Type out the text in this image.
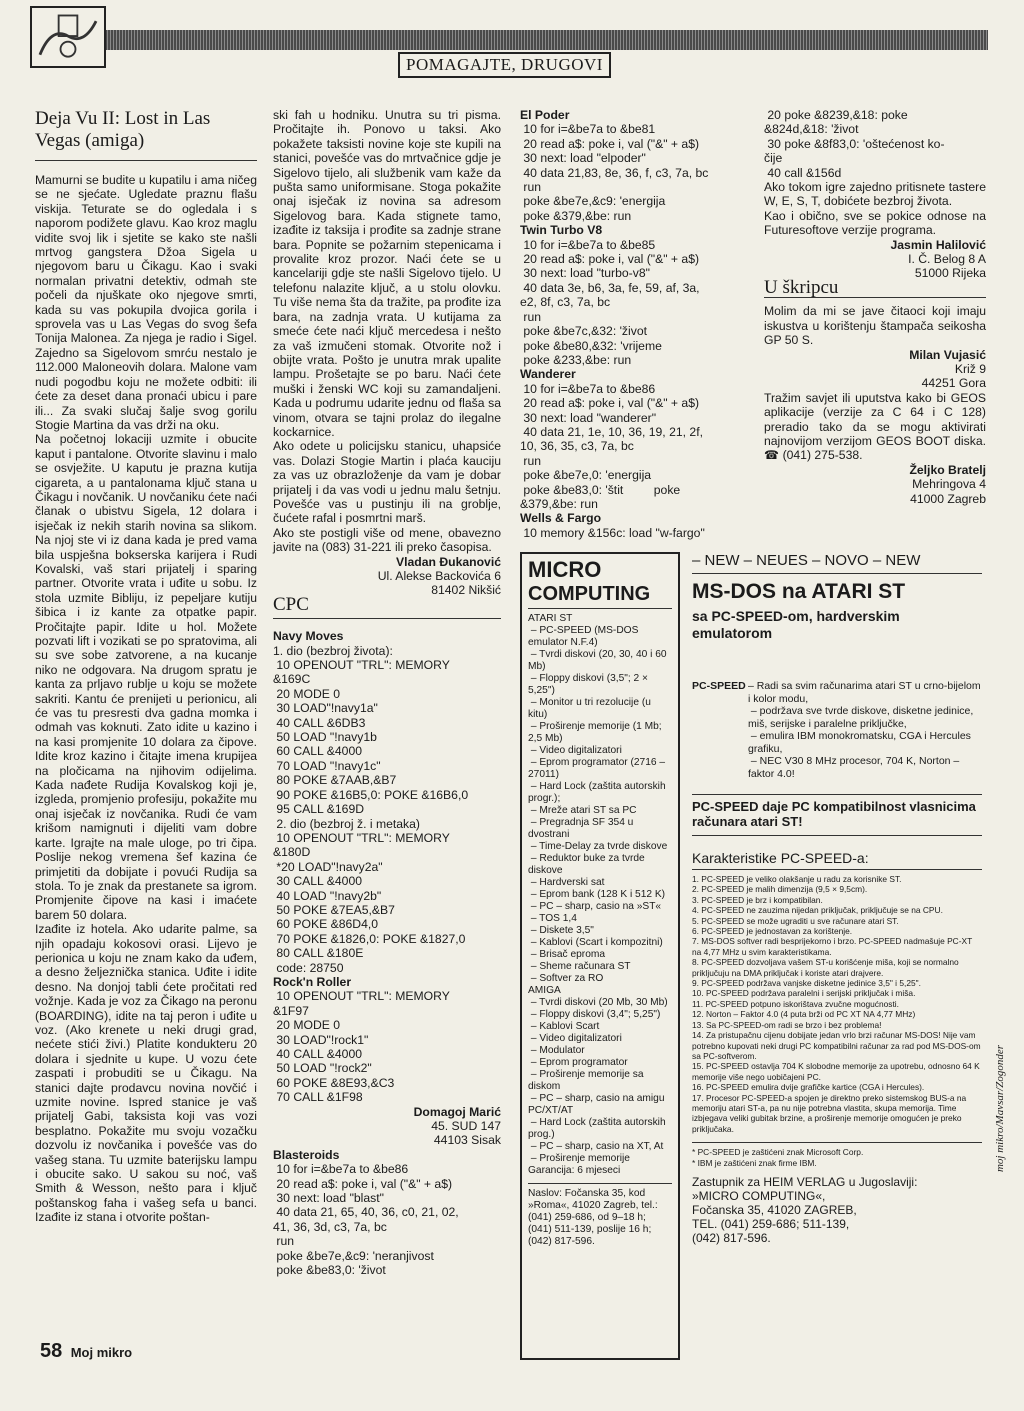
POMAGAJTE, DRUGOVI
Deja Vu II: Lost in Las Vegas (amiga)

Mamurni se budite u kupatilu i ama ničeg se ne sjećate. Ugledate praznu flašu viskija. Teturate se do ogledala i s naporom podižete glavu. Kao kroz maglu vidite svoj lik i sjetite se kako ste našli mrtvog gangstera Džoa Sigela u njegovom baru u Čikagu. Kao i svaki normalan privatni detektiv, odmah ste počeli da njuškate oko njegove smrti, kada su vas pokupila dvojica gorila i sprovela vas u Las Vegas do svog šefa Tonija Malonea. Za njega je radio i Sigel. Zajedno sa Sigelovom smrću nestalo je 112.000 Maloneovih dolara. Malone vam nudi pogodbu koju ne možete odbiti: ili ćete za deset dana pronaći ubicu i pare ili... Za svaki slučaj šalje svog gorilu Stogie Martina da vas drži na oku.
Na početnoj lokaciji uzmite i obucite kaput i pantalone. Otvorite slavinu i malo se osvježite. U kaputu je prazna kutija cigareta, a u pantalonama ključ stana u Čikagu i novčanik. U novčaniku ćete naći članak o ubistvu Sigela, 12 dolara i isječak iz nekih starih novina sa slikom. Na njoj ste vi iz dana kada je pred vama bila uspješna bokserska karijera i Rudi Kovalski, vaš stari prijatelj i sparing partner. Otvorite vrata i uđite u sobu. Iz stola uzmite Bibliju, iz pepeljare kutiju šibica i iz kante za otpatke papir. Pročitajte papir. Idite u hol. Možete pozvati lift i vozikati se po spratovima, ali su sve sobe zatvorene, a na kucanje niko ne odgovara. Na drugom spratu je kanta za prljavo rublje u koju se možete sakriti. Kantu će prenijeti u perionicu, ali će vas tu presresti dva gadna momka i odmah vas koknuti. Zato idite u kazino i na kasi promjenite 10 dolara za čipove. Idite kroz kazino i čitajte imena krupijea na pločicama na njihovim odijelima. Kada nađete Rudija Kovalskog koji je, izgleda, promjenio profesiju, pokažite mu onaj isječak iz novčanika. Rudi će vam krišom namignuti i dijeliti vam dobre karte. Igrajte na male uloge, po tri čipa. Poslije nekog vremena šef kazina će primjetiti da dobijate i povući Rudija sa stola. To je znak da prestanete sa igrom. Promjenite čipove na kasi i imaćete barem 50 dolara.
Izađite iz hotela. Ako udarite palme, sa njih opadaju kokosovi orasi. Lijevo je perionica u koju ne znam kako da uđem, a desno željeznička stanica. Uđite i idite desno. Na donjoj tabli ćete pročitati red vožnje. Kada je voz za Čikago na peronu (BOARDING), idite na taj peron i uđite u voz. (Ako krenete u neki drugi grad, nećete stići živi.) Platite kondukteru 20 dolara i sjednite u kupe. U vozu ćete zaspati i probuditi se u Čikagu. Na stanici dajte prodavcu novina novčić i uzmite novine. Ispred stanice je vaš prijatelj Gabi, taksista koji vas vozi besplatno. Pokažite mu svoju vozačku dozvolu iz novčanika i povešće vas do vašeg stana. Tu uzmite baterijsku lampu i obucite sako. U sakou su noć, vaš Smith & Wesson, nešto para i ključ poštanskog faha i vašeg sefa u banci. Izađite iz stana i otvorite poštan-

ski fah u hodniku. Unutra su tri pisma. Pročitajte ih. Ponovo u taksi. Ako pokažete taksisti novine koje ste kupili na stanici, povešće vas do mrtvačnice gdje je Sigelovo tijelo, ali službenik vam kaže da pušta samo uniformisane. Stoga pokažite onaj isječak iz novina sa adresom Sigelovog bara. Kada stignete tamo, izađite iz taksija i prođite sa zadnje strane bara. Popnite se požarnim stepenicama i provalite kroz prozor. Naći ćete se u kancelariji gdje ste našli Sigelovo tijelo. U telefonu nalazite ključ, a u stolu olovku. Tu više nema šta da tražite, pa prođite iza bara, na zadnja vrata. U kutijama za smeće ćete naći ključ mercedesa i nešto za vaš izmučeni stomak. Otvorite nož i obijte vrata. Pošto je unutra mrak upalite lampu. Prošetajte se po baru. Naći ćete muški i ženski WC koji su zamandaljeni. Kada u podrumu udarite jednu od flaša sa vinom, otvara se tajni prolaz do ilegalne kockarnice.
Ako odete u policijsku stanicu, uhapsiće vas. Dolazi Stogie Martin i plaća kauciju za vas uz obrazloženje da vam je dobar prijatelj i da vas vodi u jednu malu šetnju. Povešće vas u pustinju ili na groblje, čućete rafal i posmrtni marš.
Ako ste postigli više od mene, obavezno javite na (083) 31-221 ili preko časopisa.

Vladan Đukanović

Ul. Alekse Backovića 6

81402 Nikšić

CPC

Navy Moves

1. dio (bezbroj života):
10 OPENOUT "TRL": MEMORY
&169C
20 MODE 0
30 LOAD"!navy1a"
40 CALL &6DB3
50 LOAD "!navy1b
60 CALL &4000
70 LOAD "!navy1c"
80 POKE &7AAB,&B7
90 POKE &16B5,0: POKE &16B6,0
95 CALL &169D
2. dio (bezbroj ž. i metaka)
10 OPENOUT "TRL": MEMORY
&180D
*20 LOAD"!navy2a"
30 CALL &4000
40 LOAD "!navy2b"
50 POKE &7EA5,&B7
60 POKE &86D4,0
70 POKE &1826,0: POKE &1827,0
80 CALL &180E
code: 28750

Rock'n Roller

10 OPENOUT "TRL": MEMORY
&1F97
20 MODE 0
30 LOAD"!rock1"
40 CALL &4000
50 LOAD "!rock2"
60 POKE &8E93,&C3
70 CALL &1F98

Domagoj Marić

45. SUD 147

44103 Sisak

Blasteroids

10 for i=&be7a to &be86
20 read a$: poke i, val ("&" + a$)
30 next: load "blast"
40 data 21, 65, 40, 36, c0, 21, 02,
41, 36, 3d, c3, 7a, bc
run
poke &be7e,&c9: 'neranjivost
poke &be83,0: 'život

El Poder

10 for i=&be7a to &be81
20 read a$: poke i, val ("&" + a$)
30 next: load "elpoder"
40 data 21,83, 8e, 36, f, c3, 7a, bc
run
poke &be7e,&c9: 'energija
poke &379,&be: run

Twin Turbo V8

10 for i=&be7a to &be85
20 read a$: poke i, val ("&" + a$)
30 next: load "turbo-v8"
40 data 3e, b6, 3a, fe, 59, af, 3a,
e2, 8f, c3, 7a, bc
run
poke &be7c,&32: 'život
poke &be80,&32: 'vrijeme
poke &233,&be: run

Wanderer

10 for i=&be7a to &be86
20 read a$: poke i, val ("&" + a$)
30 next: load "wanderer"
40 data 21, 1e, 10, 36, 19, 21, 2f,
10, 36, 35, c3, 7a, bc
run
poke &be7e,0: 'energija
poke &be83,0: 'štit         poke
&379,&be: run

Wells & Fargo

10 memory &156c: load "w-fargo"

20 poke &8239,&18: poke
&824d,&18: 'život
30 poke &8f83,0: 'oštećenost ko-
čije
40 call &156d

Ako tokom igre zajedno pritisnete tastere W, E, S, T, dobićete bezbroj života.
Kao i obično, sve se pokice odnose na Futuresoftove verzije programa.

Jasmin Halilović

I. Č. Belog 8 A

51000 Rijeka

U škripcu

Molim da mi se jave čitaoci koji imaju iskustva u korištenju štampača seikosha GP 50 S.

Milan Vujasić

Križ 9

44251 Gora

Tražim savjet ili uputstva kako bi GEOS aplikacije (verzije za C 64 i C 128) preradio tako da se mogu aktivirati najnovijom verzijom GEOS BOOT diska. ☎ (041) 275-538.

Željko Bratelj

Mehringova 4

41000 Zagreb

MICRO
COMPUTING

ATARI ST
– PC-SPEED (MS-DOS emulator N.F.4)
– Tvrdi diskovi (20, 30, 40 i 60 Mb)
– Floppy diskovi (3,5"; 2 × 5,25")
– Monitor u tri rezolucije (u kitu)
– Proširenje memorije (1 Mb; 2,5 Mb)
– Video digitalizatori
– Eprom programator (2716 – 27011)
– Hard Lock (zaštita autorskih progr.);
– Mreže atari ST sa PC
– Pregradnja SF 354 u dvostrani
– Time-Delay za tvrde diskove
– Reduktor buke za tvrde diskove
– Hardverski sat
– Eprom bank (128 K i 512 K)
– PC – sharp, casio na »ST«
– TOS 1,4
– Diskete 3,5"
– Kablovi (Scart i kompozitni)
– Brisač eproma
– Sheme računara ST
– Softver za RO
AMIGA
– Tvrdi diskovi (20 Mb, 30 Mb)
– Floppy diskovi (3,4"; 5,25")
– Kablovi Scart
– Video digitalizatori
– Modulator
– Eprom programator
– Proširenje memorije sa diskom
– PC – sharp, casio na amigu
PC/XT/AT
– Hard Lock (zaštita autorskih prog.)
– PC – sharp, casio na XT, At
– Proširenje memorije
Garancija: 6 mjeseci

Naslov: Fočanska 35, kod »Roma«, 41020 Zagreb, tel.: (041) 259-686, od 9–18 h; (041) 511-139, poslije 16 h; (042) 817-596.

– NEW – NEUES – NOVO – NEW
MS-DOS na ATARI ST
sa PC-SPEED-om, hardverskim emulatorom
PC-SPEED – Radi sa svim računarima atari ST u crno-bijelom i kolor modu,
– podržava sve tvrde diskove, disketne jedinice, miš, serijske i paralelne priključke,
– emulira IBM monokromatsku, CGA i Hercules grafiku,
– NEC V30 8 MHz procesor, 704 K, Norton – faktor 4.0!

PC-SPEED daje PC kompatibilnost vlasnicima računara atari ST!
Karakteristike PC-SPEED-a:

1. PC-SPEED je veliko olakšanje u radu za korisnike ST.
2. PC-SPEED je malih dimenzija (9,5 × 9,5cm).
3. PC-SPEED je brz i kompatibilan.
4. PC-SPEED ne zauzima nijedan priključak, priključuje se na CPU.
5. PC-SPEED se može ugraditi u sve računare atari ST.
6. PC-SPEED je jednostavan za korištenje.
7. MS-DOS softver radi besprijekorno i brzo. PC-SPEED nadmašuje PC-XT na 4,77 MHz u svim karakteristikama.
8. PC-SPEED dozvoljava vašem ST-u korišćenje miša, koji se normalno priključuju na DMA priključak i koriste atari drajvere.
9. PC-SPEED podržava vanjske disketne jedinice 3,5" i 5,25".
10. PC-SPEED podržava paralelni i serijski priključak i miša.
11. PC-SPEED potpuno iskorištava zvučne mogućnosti.
12. Norton – Faktor 4.0 (4 puta brži od PC XT NA 4,77 MHz)
13. Sa PC-SPEED-om radi se brzo i bez problema!
14. Za pristupačnu cijenu dobijate jedan vrlo brzi računar MS-DOS! Nije vam potrebno kupovati neki drugi PC kompatibilni računar za rad pod MS-DOS-om sa PC-softverom.
15. PC-SPEED ostavlja 704 K slobodne memorije za upotrebu, odnosno 64 K memorije više nego uobičajeni PC.
16. PC-SPEED emulira dvije grafičke kartice (CGA i Hercules).
17. Procesor PC-SPEED-a spojen je direktno preko sistemskog BUS-a na memoriju atari ST-a, pa nu nije potrebna vlastita, skupa memorija. Time izbjegava veliki gubitak brzine, a proširenje memorije omogućen je preko priključaka.

* PC-SPEED je zaštićeni znak Microsoft Corp.
* IBM je zaštićeni znak firme IBM.

Zastupnik za HEIM VERLAG u Jugoslaviji:
»MICRO COMPUTING«,
Fočanska 35, 41020 ZAGREB,
TEL. (041) 259-686; 511-139,
(042) 817-596.

58 Moj mikro
moj mikro/Mavsar/Zogonder
